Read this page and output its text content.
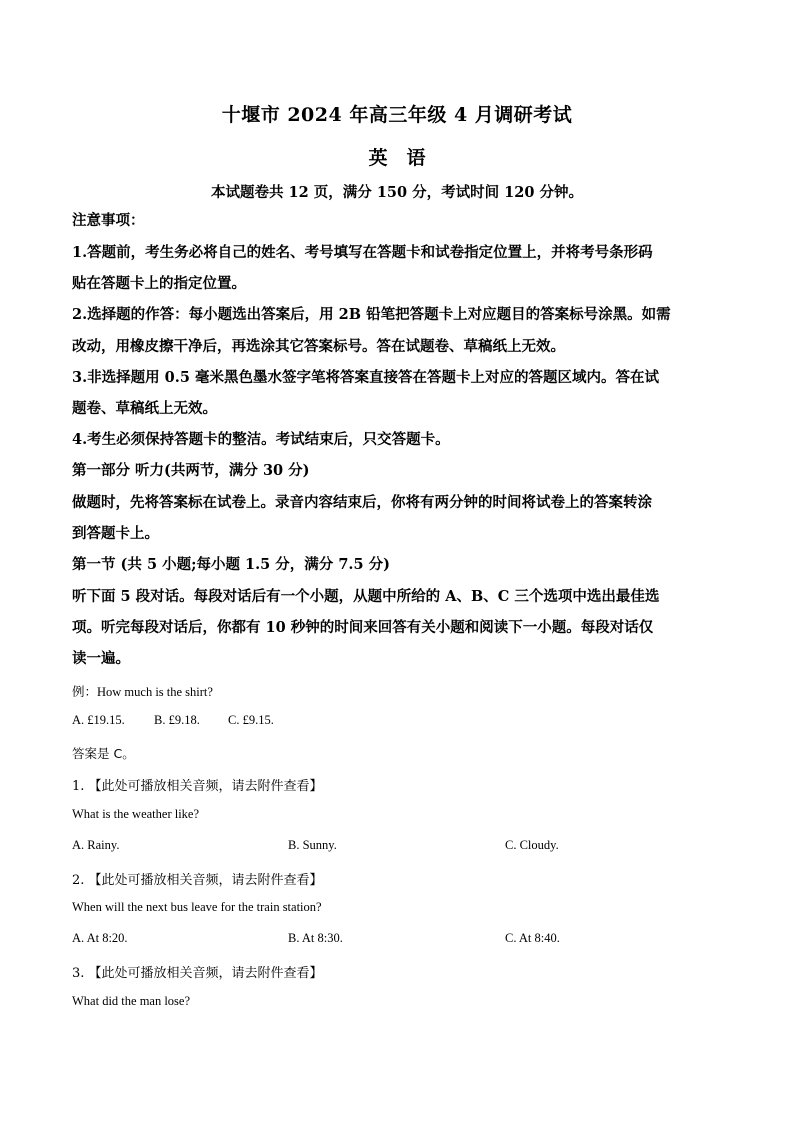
十堰市 2024 年高三年级 4 月调研考试
英　语
本试题卷共 12 页，满分 150 分，考试时间 120 分钟。
注意事项：
1.答题前，考生务必将自己的姓名、考号填写在答题卡和试卷指定位置上，并将考号条形码
贴在答题卡上的指定位置。
2.选择题的作答：每小题选出答案后，用 2B 铅笔把答题卡上对应题目的答案标号涂黑。如需
改动，用橡皮擦干净后，再选涂其它答案标号。答在试题卷、草稿纸上无效。
3.非选择题用 0.5 毫米黑色墨水签字笔将答案直接答在答题卡上对应的答题区域内。答在试
题卷、草稿纸上无效。
4.考生必须保持答题卡的整洁。考试结束后，只交答题卡。
第一部分 听力(共两节，满分 30 分)
做题时，先将答案标在试卷上。录音内容结束后，你将有两分钟的时间将试卷上的答案转涂
到答题卡上。
第一节 (共 5 小题;每小题 1.5 分，满分 7.5 分)
听下面 5 段对话。每段对话后有一个小题，从题中所给的 A、B、C 三个选项中选出最佳选
项。听完每段对话后，你都有 10 秒钟的时间来回答有关小题和阅读下一小题。每段对话仅
读一遍。
例：How much is the shirt?
A. £19.15. B. £9.18. C. £9.15.
答案是 C。
1. 【此处可播放相关音频，请去附件查看】
What is the weather like?
A. Rainy.	B. Sunny.	C. Cloudy.
2. 【此处可播放相关音频，请去附件查看】
When will the next bus leave for the train station?
A. At 8:20.	B. At 8:30.	C. At 8:40.
3. 【此处可播放相关音频，请去附件查看】
What did the man lose?
